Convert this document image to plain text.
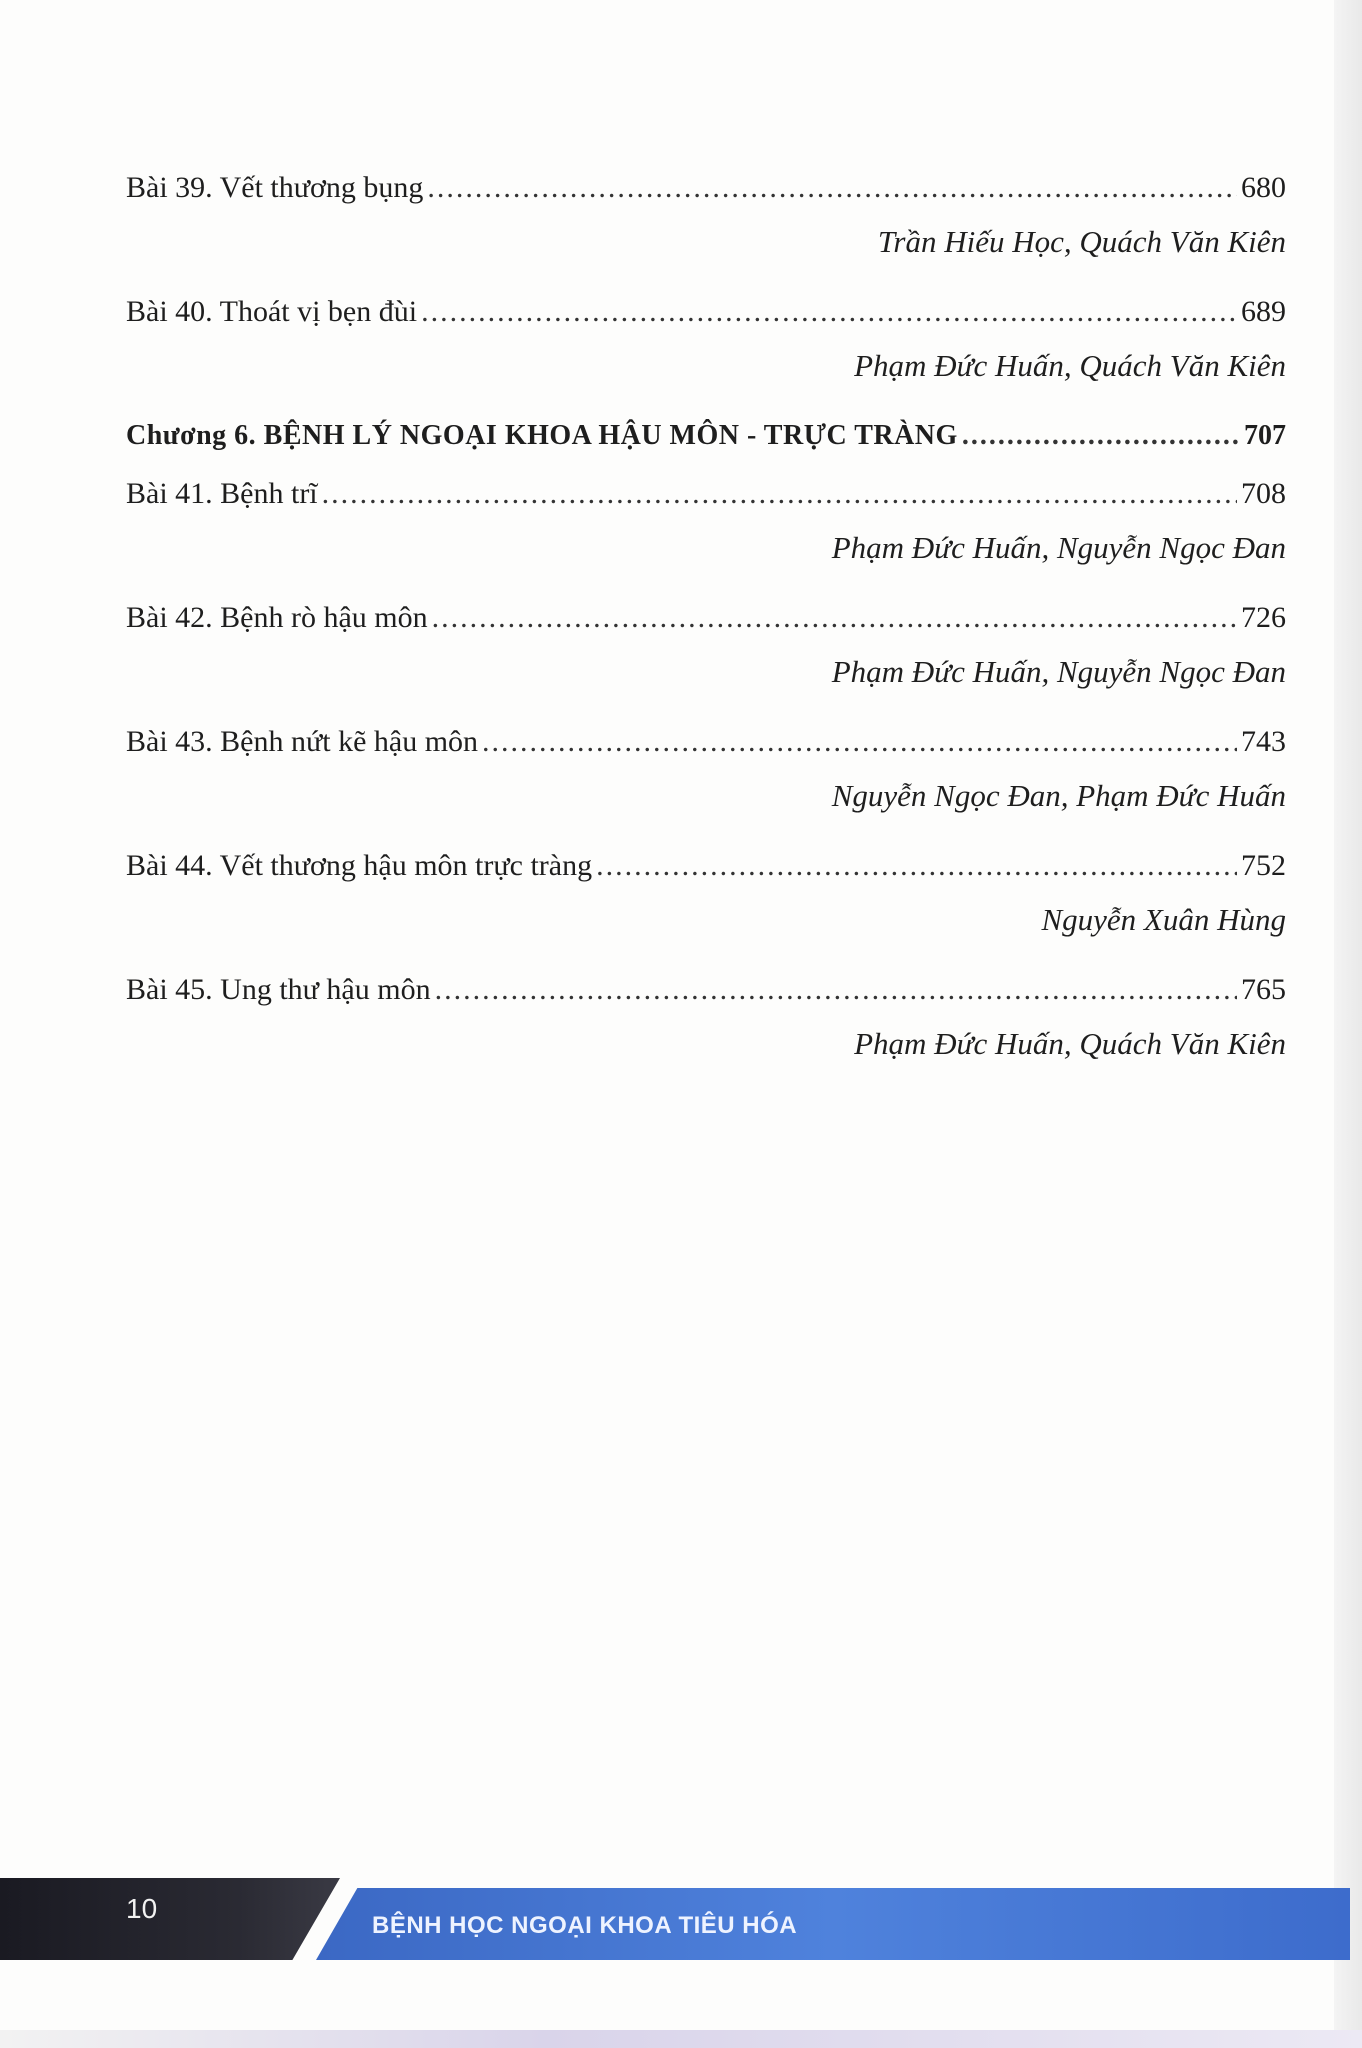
Bài 39. Vết thương bụng .....	680
Trần Hiếu Học, Quách Văn Kiên
Bài 40. Thoát vị bẹn đùi .....	689
Phạm Đức Huấn, Quách Văn Kiên
Chương 6. BỆNH LÝ NGOẠI KHOA HẬU MÔN - TRỰC TRÀNG .....	707
Bài 41. Bệnh trĩ .....	708
Phạm Đức Huấn, Nguyễn Ngọc Đan
Bài 42. Bệnh rò hậu môn .....	726
Phạm Đức Huấn, Nguyễn Ngọc Đan
Bài 43. Bệnh nứt kẽ hậu môn .....	743
Nguyễn Ngọc Đan, Phạm Đức Huấn
Bài 44. Vết thương hậu môn trực tràng .....	752
Nguyễn Xuân Hùng
Bài 45. Ung thư hậu môn .....	765
Phạm Đức Huấn, Quách Văn Kiên
10
BỆNH HỌC NGOẠI KHOA TIÊU HÓA
